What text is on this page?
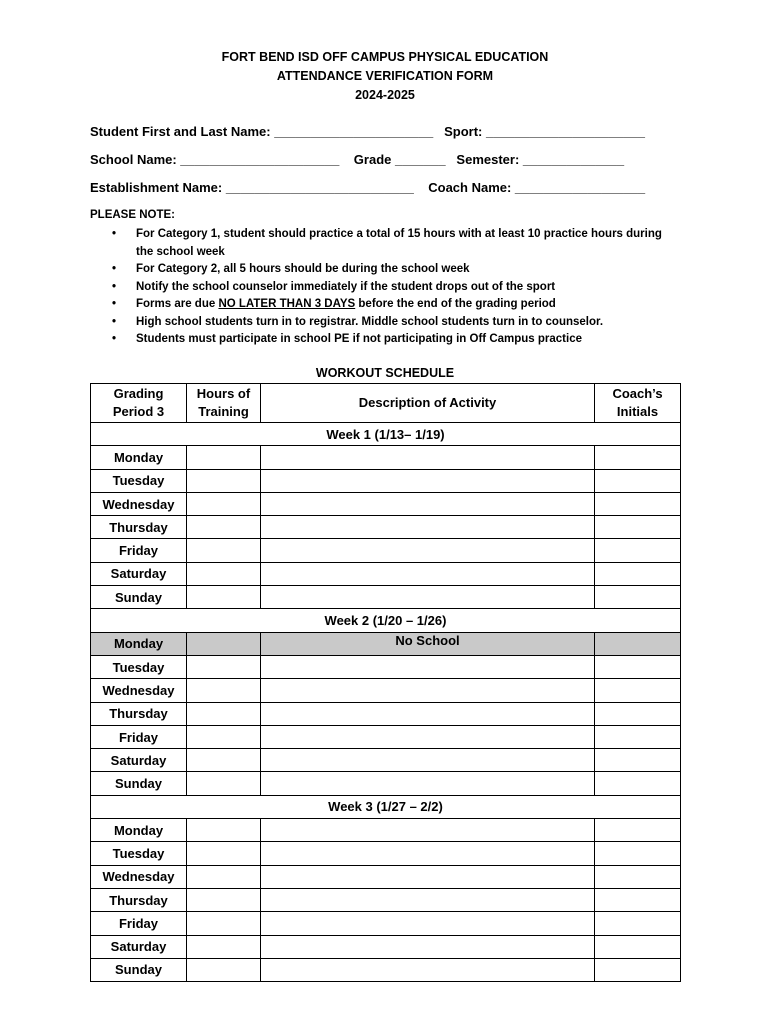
FORT BEND ISD OFF CAMPUS PHYSICAL EDUCATION
ATTENDANCE VERIFICATION FORM
2024-2025
Student First and Last Name: ______________________   Sport: ______________________
School Name: ______________________    Grade _______   Semester: ______________
Establishment Name: __________________________    Coach Name: __________________
PLEASE NOTE:
• For Category 1, student should practice a total of 15 hours with at least 10 practice hours during the school week
• For Category 2, all 5 hours should be during the school week
• Notify the school counselor immediately if the student drops out of the sport
• Forms are due NO LATER THAN 3 DAYS before the end of the grading period
• High school students turn in to registrar. Middle school students turn in to counselor.
• Students must participate in school PE if not participating in Off Campus practice
WORKOUT SCHEDULE
Grading
Period 3	Hours of
Training	Description of Activity	Coach’s
Initials
Week 1 (1/13– 1/19)			
Monday			
Tuesday			
Wednesday			
Thursday			
Friday			
Saturday			
Sunday			
Week 2 (1/20 – 1/26)			
Monday		No School	
Tuesday			
Wednesday			
Thursday			
Friday			
Saturday			
Sunday			
Week 3 (1/27 – 2/2)			
Monday			
Tuesday			
Wednesday			
Thursday			
Friday			
Saturday			
Sunday			
